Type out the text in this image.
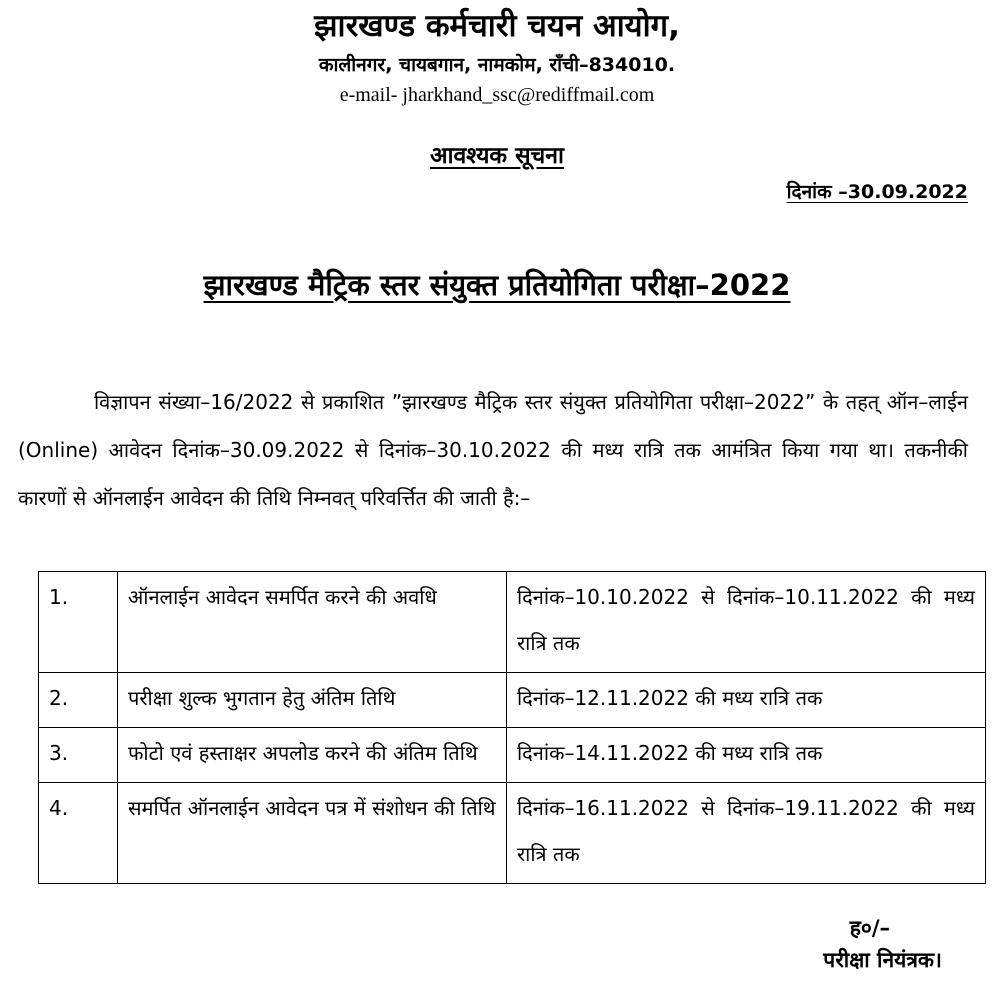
झारखण्ड कर्मचारी चयन आयोग,
कालीनगर, चायबगान, नामकोम, राँची–834010.
e-mail- jharkhand_ssc@rediffmail.com
आवश्यक सूचना
दिनांक –30.09.2022
झारखण्ड मैट्रिक स्तर संयुक्त प्रतियोगिता परीक्षा–2022
विज्ञापन संख्या–16/2022 से प्रकाशित ”झारखण्ड मैट्रिक स्तर संयुक्त प्रतियोगिता परीक्षा–2022” के तहत् ऑन–लाईन (Online) आवेदन दिनांक–30.09.2022 से दिनांक–30.10.2022 की मध्य रात्रि तक आमंत्रित किया गया था। तकनीकी कारणों से ऑनलाईन आवेदन की तिथि निम्नवत् परिवर्त्तित की जाती है:–
1.	ऑनलाईन आवेदन समर्पित करने की अवधि	दिनांक–10.10.2022 से दिनांक–10.11.2022 की मध्य रात्रि तक
2.	परीक्षा शुल्क भुगतान हेतु अंतिम तिथि	दिनांक–12.11.2022 की मध्य रात्रि तक
3.	फोटो एवं हस्ताक्षर अपलोड करने की अंतिम तिथि	दिनांक–14.11.2022 की मध्य रात्रि तक
4.	समर्पित ऑनलाईन आवेदन पत्र में संशोधन की तिथि	दिनांक–16.11.2022 से दिनांक–19.11.2022 की मध्य रात्रि तक
ह०/–
परीक्षा नियंत्रक।
